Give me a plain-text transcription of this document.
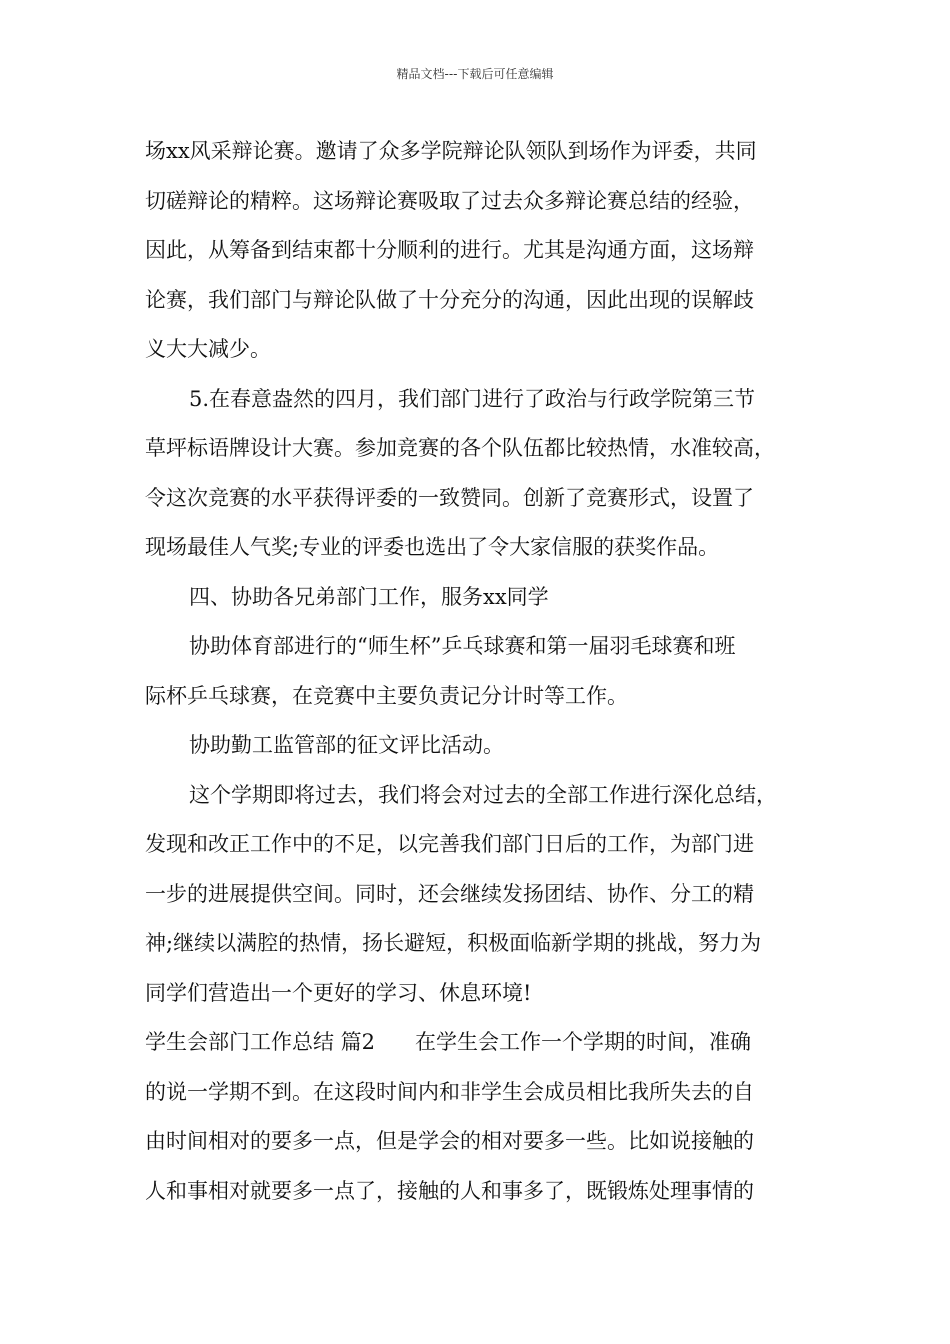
精品文档---下载后可任意编辑
场xx风采辩论赛。邀请了众多学院辩论队领队到场作为评委，共同
切磋辩论的精粹。这场辩论赛吸取了过去众多辩论赛总结的经验，
因此，从筹备到结束都十分顺利的进行。尤其是沟通方面，这场辩
论赛，我们部门与辩论队做了十分充分的沟通，因此出现的误解歧
义大大减少。
5.在春意盎然的四月，我们部门进行了政治与行政学院第三节
草坪标语牌设计大赛。参加竞赛的各个队伍都比较热情，水准较高，
令这次竞赛的水平获得评委的一致赞同。创新了竞赛形式，设置了
现场最佳人气奖;专业的评委也选出了令大家信服的获奖作品。
四、协助各兄弟部门工作，服务xx同学
协助体育部进行的“师生杯”乒乓球赛和第一届羽毛球赛和班
际杯乒乓球赛，在竞赛中主要负责记分计时等工作。
协助勤工监管部的征文评比活动。
这个学期即将过去，我们将会对过去的全部工作进行深化总结，
发现和改正工作中的不足，以完善我们部门日后的工作，为部门进
一步的进展提供空间。同时，还会继续发扬团结、协作、分工的精
神;继续以满腔的热情，扬长避短，积极面临新学期的挑战，努力为
同学们营造出一个更好的学习、休息环境!
学生会部门工作总结 篇2 在学生会工作一个学期的时间，准确
的说一学期不到。在这段时间内和非学生会成员相比我所失去的自
由时间相对的要多一点，但是学会的相对要多一些。比如说接触的
人和事相对就要多一点了，接触的人和事多了，既锻炼处理事情的
